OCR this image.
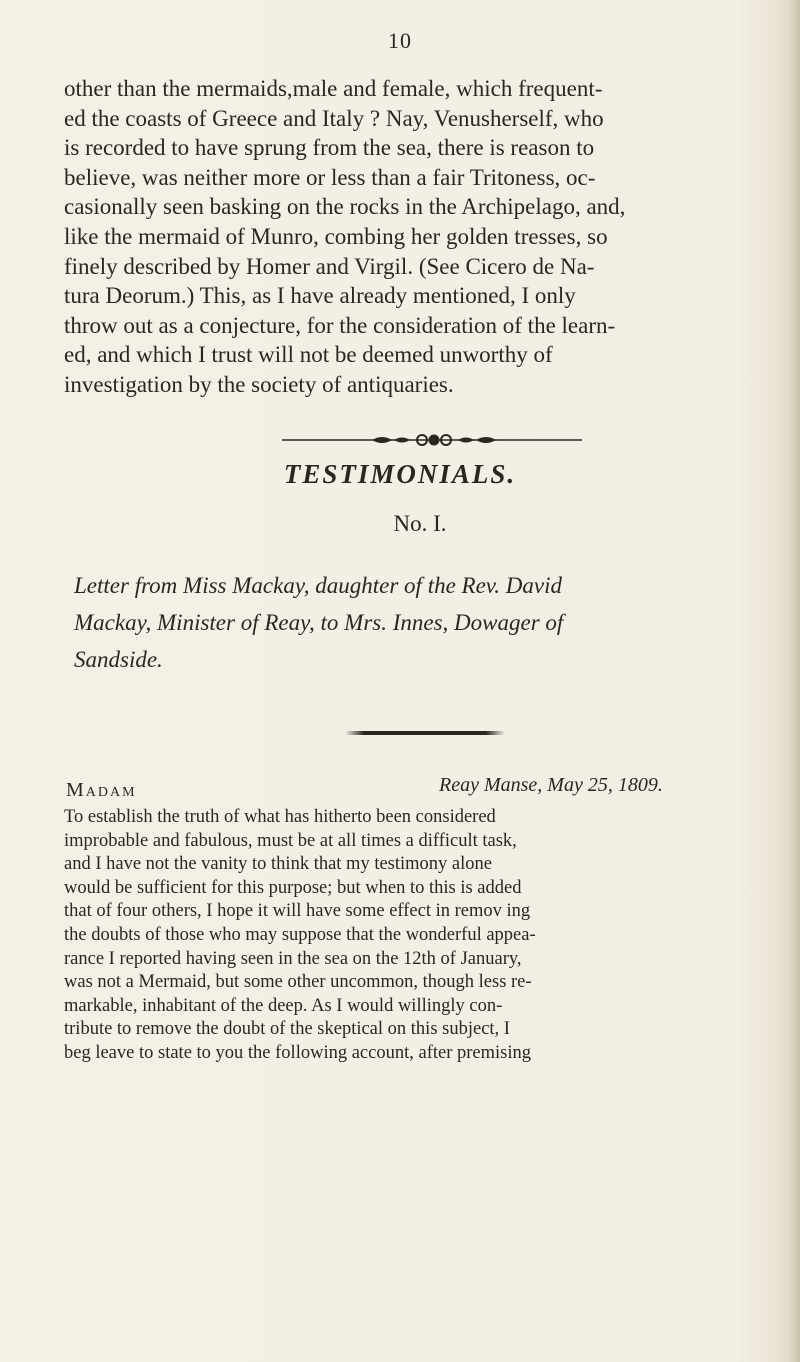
10
other than the mermaids,male and female, which frequent-
ed the coasts of Greece and Italy ? Nay, Venusherself, who
is recorded to have sprung from the sea, there is reason to
believe, was neither more or less than a fair Tritoness, oc-
casionally seen basking on the rocks in the Archipelago, and,
like the mermaid of Munro, combing her golden tresses, so
finely described by Homer and Virgil. (See Cicero de Na-
tura Deorum.) This, as I have already mentioned, I only
throw out as a conjecture, for the consideration of the learn-
ed, and which I trust will not be deemed unworthy of
investigation by the society of antiquaries.
TESTIMONIALS.
No. I.
Letter from Miss Mackay, daughter of the Rev. David
Mackay, Minister of Reay, to Mrs. Innes, Dowager of
Sandside.
Madam	Reay Manse, May 25, 1809.
To establish the truth of what has hitherto been considered
improbable and fabulous, must be at all times a difficult task,
and I have not the vanity to think that my testimony alone
would be sufficient for this purpose; but when to this is added
that of four others, I hope it will have some effect in remov ing
the doubts of those who may suppose that the wonderful appea-
rance I reported having seen in the sea on the 12th of January,
was not a Mermaid, but some other uncommon, though less re-
markable, inhabitant of the deep. As I would willingly con-
tribute to remove the doubt of the skeptical on this subject, I
beg leave to state to you the following account, after premising
